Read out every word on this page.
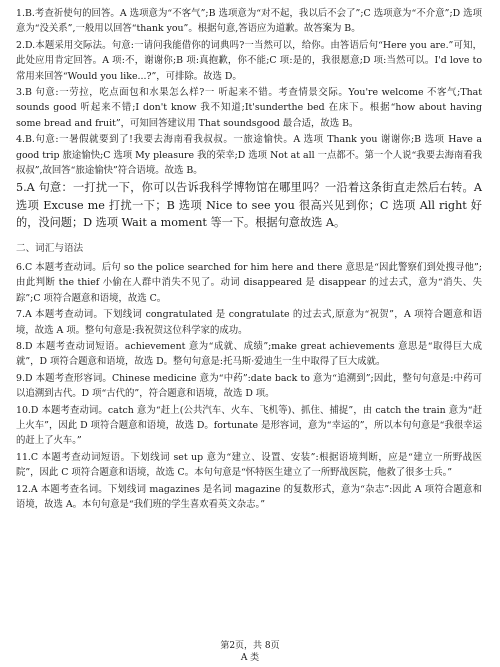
1.B.考查祈使句的回答。A 选项意为“不客气”;B 选项意为“对不起，我以后不会了”;C 选项意为“不介意”;D 选项意为“没关系”,一般用以回答“thank you”。根据句意,答语应为道歉。故答案为 B。

2.D.本题采用交际法。句意:一请问我能借你的词典吗?一当然可以，给你。由答语后句“Here you are.”可知，此处应用肯定回答。A 项:不，谢谢你;B 项:真抱歉，你不能;C 项:是的，我很愿意;D 项:当然可以。I'd love to 常用来回答“Would you like...?”，可排除。故选 D。

3.B 句意:一劳拉，吃点面包和水果怎么样?一 听起来不错。考查情景交际。You're welcome 不客气;That sounds good 听起来不错;I don't know 我不知道;It'sunderthe bed 在床下。根据“how about having some bread and fruit”，可知回答建议用 That soundsgood 最合适，故选 B。

4.B.句意:一暑假就要到了!我要去海南看我叔叔。一旅途愉快。A 选项 Thank you 谢谢你;B 选项 Have a good trip 旅途愉快;C 选项 My pleasure 我的荣幸;D 选项 Not at all 一点都不。第一个人说“我要去海南看我叔叔”,故回答“旅途愉快”符合语境。故选 B。

5.A 句意：一打扰一下，你可以告诉我科学博物馆在哪里吗？一沿着这条街直走然后右转。A 选项 Excuse me 打扰一下；B 选项 Nice to see you 很高兴见到你；C 选项 All right 好的，没问题；D 选项 Wait a moment 等一下。根据句意故选 A。

二、词汇与语法

6.C 本题考查动词。后句 so the police searched for him here and there 意思是“因此警察们到处搜寻他”;由此判断 the thief 小偷在人群中消失不见了。动词 disappeared 是 disappear 的过去式，意为“消失、失踪”;C 项符合题意和语境，故选 C。

7.A 本题考查动词。下划线词 congratulated 是 congratulate 的过去式,原意为“祝贺”，A 项符合题意和语境，故选 A 项。整句句意是:我祝贺这位科学家的成功。

8.D 本题考查动词短语。achievement 意为“成就、成绩”;make great achievements 意思是“取得巨大成就”，D 项符合题意和语境，故选 D。整句句意是:托马斯·爱迪生一生中取得了巨大成就。

9.D 本题考查形容词。Chinese medicine 意为“中药”:date back to 意为“追溯到”;因此，整句句意是:中药可以追溯到古代。D 项“古代的”，符合题意和语境，故选 D 项。

10.D 本题考查动词。catch 意为“赶上(公共汽车、火车、飞机等)、抓住、捕捉”，由 catch the train 意为“赶上火车”，因此 D 项符合题意和语境，故选 D。fortunate 是形容词，意为“幸运的”，所以本句句意是“我很幸运的赶上了火车。”

11.C 本题考查动词短语。下划线词 set up 意为“建立、设置、安装”:根据语境判断，应是“建立一所野战医院”，因此 C 项符合题意和语境，故选 C。本句句意是“怀特医生建立了一所野战医院，他救了很多士兵。”

12.A 本题考查名词。下划线词 magazines 是名词 magazine 的复数形式，意为“杂志”:因此 A 项符合题意和语境，故选 A。本句句意是“我们班的学生喜欢看英文杂志。”

第2页，共 8页
A 类
